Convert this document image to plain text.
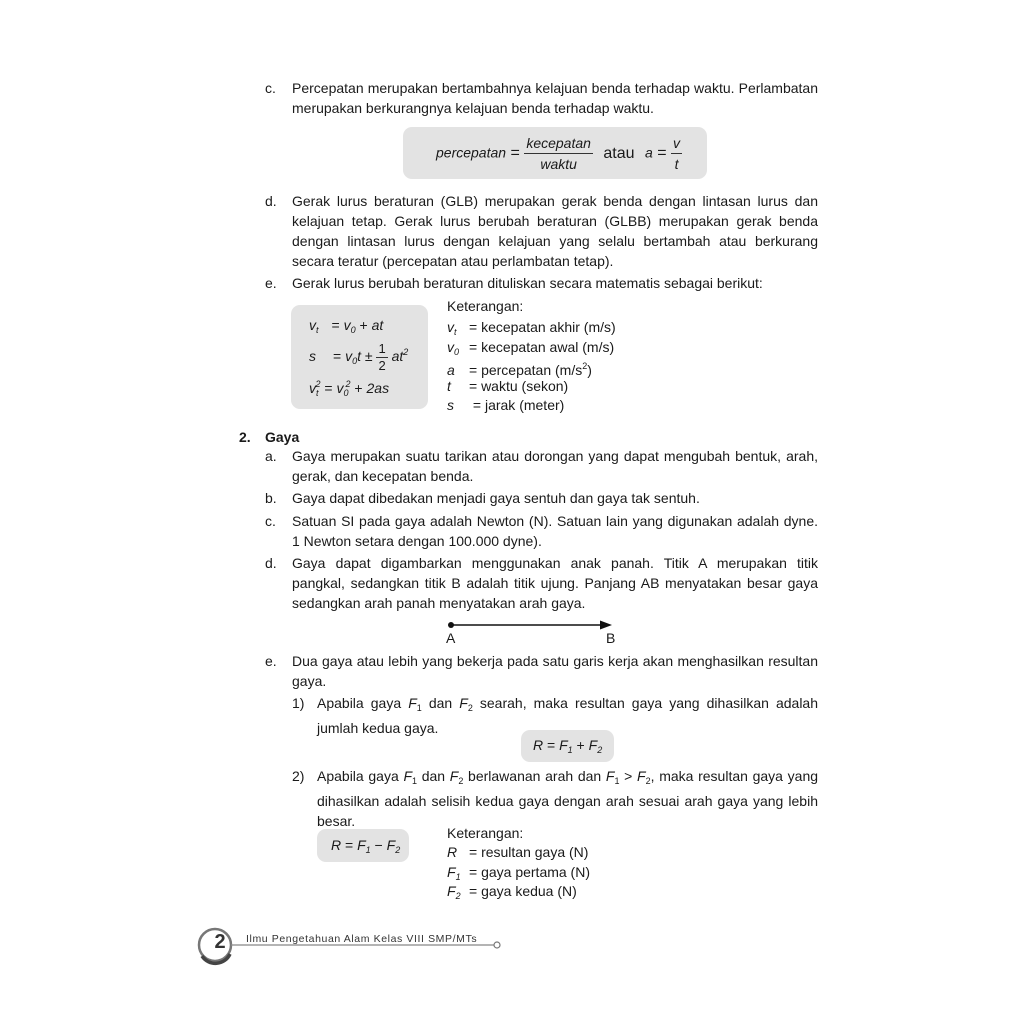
c. Percepatan merupakan bertambahnya kelajuan benda terhadap waktu. Perlambatan merupakan berkurangnya kelajuan benda terhadap waktu.
percepatan = $\frac{\text{kecepatan}}{\text{waktu}}$ atau $a = \frac{v}{t}$
d. Gerak lurus beraturan (GLB) merupakan gerak benda dengan lintasan lurus dan kelajuan tetap. Gerak lurus berubah beraturan (GLBB) merupakan gerak benda dengan lintasan lurus dengan kelajuan yang selalu bertambah atau berkurang secara teratur (percepatan atau perlambatan tetap).
e. Gerak lurus berubah beraturan dituliskan secara matematis sebagai berikut:
$v_t = v_0$ + at
$s = v_0t \pm \frac{1}{2} at^2$
$v_t^2 = v_0^2 + 2as$
Keterangan:
$v_t$ = kecepatan akhir (m/s)
$v_0$ = kecepatan awal (m/s)
a = percepatan $(m/s^2)$
t = waktu (sekon)
s = jarak (meter)
2. Gaya
a. Gaya merupakan suatu tarikan atau dorongan yang dapat mengubah bentuk, arah, gerak, dan kecepatan benda.
b. Gaya dapat dibedakan menjadi gaya sentuh dan gaya tak sentuh.
c. Satuan SI pada gaya adalah Newton (N). Satuan lain yang digunakan adalah dyne. 1 Newton setara dengan 100.000 dyne).
d. Gaya dapat digambarkan menggunakan anak panah. Titik A merupakan titik pangkal, sedangkan titik B adalah titik ujung. Panjang AB menyatakan besar gaya sedangkan arah panah menyatakan arah gaya.
A	B
e. Dua gaya atau lebih yang bekerja pada satu garis kerja akan menghasilkan resultan gaya.
1) Apabila gaya $F_1$ dan $F_2$ searah, maka resultan gaya yang dihasilkan adalah jumlah kedua gaya.
$R = F_1 + F_2$
2) Apabila gaya $F_1$ dan $F_2$ berlawanan arah dan $F_1 > F_2$, maka resultan gaya yang dihasilkan adalah selisih kedua gaya dengan arah sesuai arah gaya yang lebih besar.
$R = F_1 - F_2$
Keterangan:
R = resultan gaya (N)
$F_1$ = gaya pertama (N)
$F_2$ = gaya kedua (N)
2	Ilmu Pengetahuan Alam Kelas VIII SMP/MTs
